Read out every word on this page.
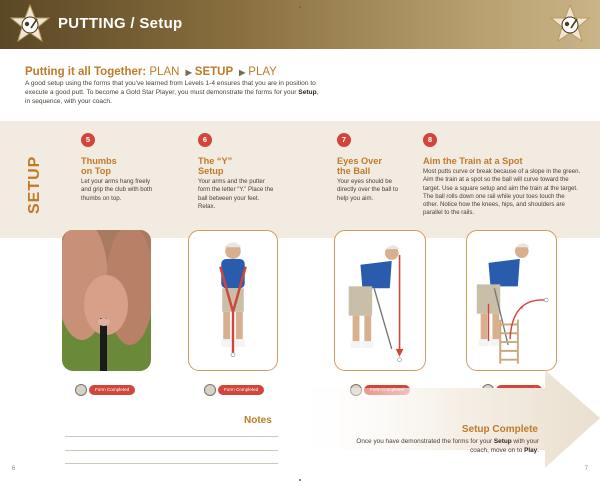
PUTTING / Setup
Putting it all Together: PLAN ▶ SETUP ▶ PLAY
A good setup using the forms that you've learned from Levels 1-4 ensures that you are in position to execute a good putt. To become a Gold Star Player, you must demonstrate the forms for your Setup, in sequence, with your coach.
SETUP
5
Thumbs
on Top
Let your arms hang freely and grip the club with both thumbs on top.
6
The “Y”
Setup
Your arms and the putter form the letter “Y.” Place the ball between your feet. Relax.
7
Eyes Over
the Ball
Your eyes should be directly over the ball to help you aim.
8
Aim the Train at a Spot
Most putts curve or break because of a slope in the green. Aim the train at a spot so the ball will curve toward the target. Use a square setup and aim the train at the target. The ball rolls down one rail while your toes touch the other. Notice how the knees, hips, and shoulders are parallel to the rails.
×
Form Completed	Form Completed
Notes
Setup Complete
Once you have demonstrated the forms for your Setup with your coach, move on to Play.
6	7
